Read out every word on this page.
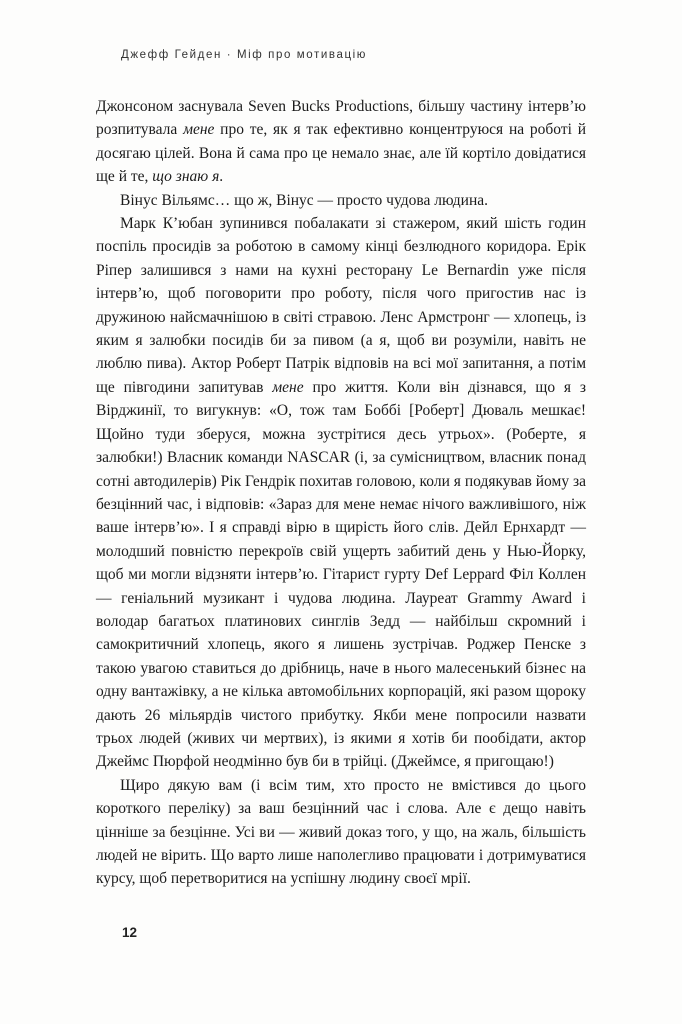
Джефф Гейден · Міф про мотивацію

Джонсоном заснувала Seven Bucks Productions, більшу частину інтерв’ю розпитувала мене про те, як я так ефективно концентруюся на роботі й досягаю цілей. Вона й сама про це немало знає, але їй кортіло довідатися ще й те, що знаю я.

Вінус Вільямс… що ж, Вінус — просто чудова людина.

Марк К’юбан зупинився побалакати зі стажером, який шість годин поспіль просидів за роботою в самому кінці безлюдного коридора. Ерік Ріпер залишився з нами на кухні ресторану Le Bernardin уже після інтерв’ю, щоб поговорити про роботу, після чого пригостив нас із дружиною найсмачнішою в світі стравою. Ленс Армстронг — хлопець, із яким я залюбки посидів би за пивом (а я, щоб ви розуміли, навіть не люблю пива). Актор Роберт Патрік відповів на всі мої запитання, а потім ще півгодини запитував мене про життя. Коли він дізнався, що я з Вірджинії, то вигукнув: «О, тож там Боббі [Роберт] Дюваль мешкає! Щойно туди зберуся, можна зустрітися десь утрьох». (Роберте, я залюбки!) Власник команди NASCAR (і, за сумісництвом, власник понад сотні автодилерів) Рік Гендрік похитав головою, коли я подякував йому за безцінний час, і відповів: «Зараз для мене немає нічого важливішого, ніж ваше інтерв’ю». І я справді вірю в щирість його слів. Дейл Ернхардт — молодший повністю перекроїв свій ущерть забитий день у Нью-Йорку, щоб ми могли відзняти інтерв’ю. Гітарист гурту Def Leppard Філ Коллен — геніальний музикант і чудова людина. Лауреат Grammy Award і володар багатьох платинових синглів Зедд — найбільш скромний і самокритичний хлопець, якого я лишень зустрічав. Роджер Пенске з такою увагою ставиться до дрібниць, наче в нього малесенький бізнес на одну вантажівку, а не кілька автомобільних корпорацій, які разом щороку дають 26 мільярдів чистого прибутку. Якби мене попросили назвати трьох людей (живих чи мертвих), із якими я хотів би пообідати, актор Джеймс Пюрфой неодмінно був би в трійці. (Джеймсе, я пригощаю!)

Щиро дякую вам (і всім тим, хто просто не вмістився до цього короткого переліку) за ваш безцінний час і слова. Але є дещо навіть цінніше за безцінне. Усі ви — живий доказ того, у що, на жаль, більшість людей не вірить. Що варто лише наполегливо працювати і дотримуватися курсу, щоб перетворитися на успішну людину своєї мрії.

12
